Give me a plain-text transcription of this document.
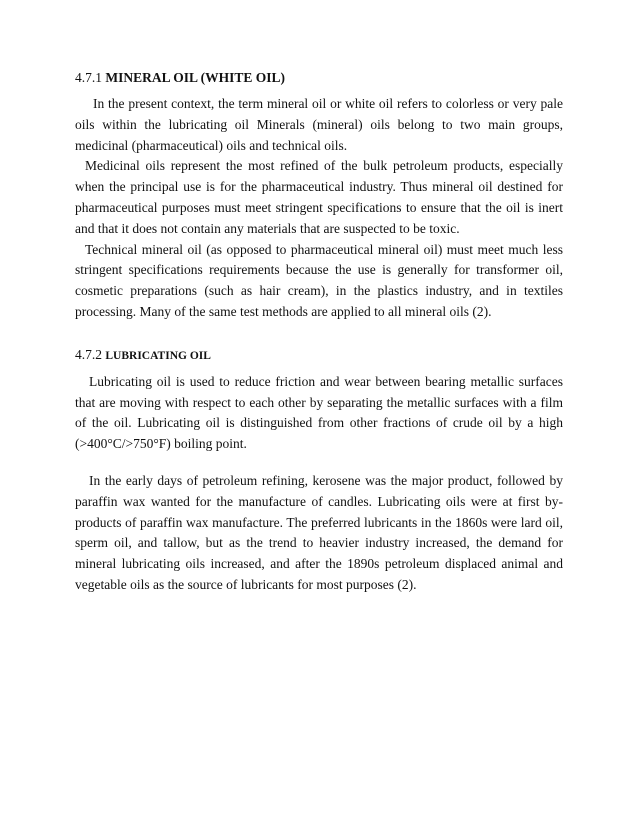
4.7.1 MINERAL OIL (WHITE OIL)

In the present context, the term mineral oil or white oil refers to colorless or very pale oils within the lubricating oil Minerals (mineral) oils belong to two main groups, medicinal (pharmaceutical) oils and technical oils.

Medicinal oils represent the most refined of the bulk petroleum products, especially when the principal use is for the pharmaceutical industry. Thus mineral oil destined for pharmaceutical purposes must meet stringent specifications to ensure that the oil is inert and that it does not contain any materials that are suspected to be toxic.

Technical mineral oil (as opposed to pharmaceutical mineral oil) must meet much less stringent specifications requirements because the use is generally for transformer oil, cosmetic preparations (such as hair cream), in the plastics industry, and in textiles processing. Many of the same test methods are applied to all mineral oils (2).

4.7.2 LUBRICATING OIL

Lubricating oil is used to reduce friction and wear between bearing metallic surfaces that are moving with respect to each other by separating the metallic surfaces with a film of the oil. Lubricating oil is distinguished from other fractions of crude oil by a high (>400°C/>750°F) boiling point.

In the early days of petroleum refining, kerosene was the major product, followed by paraffin wax wanted for the manufacture of candles. Lubricating oils were at first by-products of paraffin wax manufacture. The preferred lubricants in the 1860s were lard oil, sperm oil, and tallow, but as the trend to heavier industry increased, the demand for mineral lubricating oils increased, and after the 1890s petroleum displaced animal and vegetable oils as the source of lubricants for most purposes (2).
